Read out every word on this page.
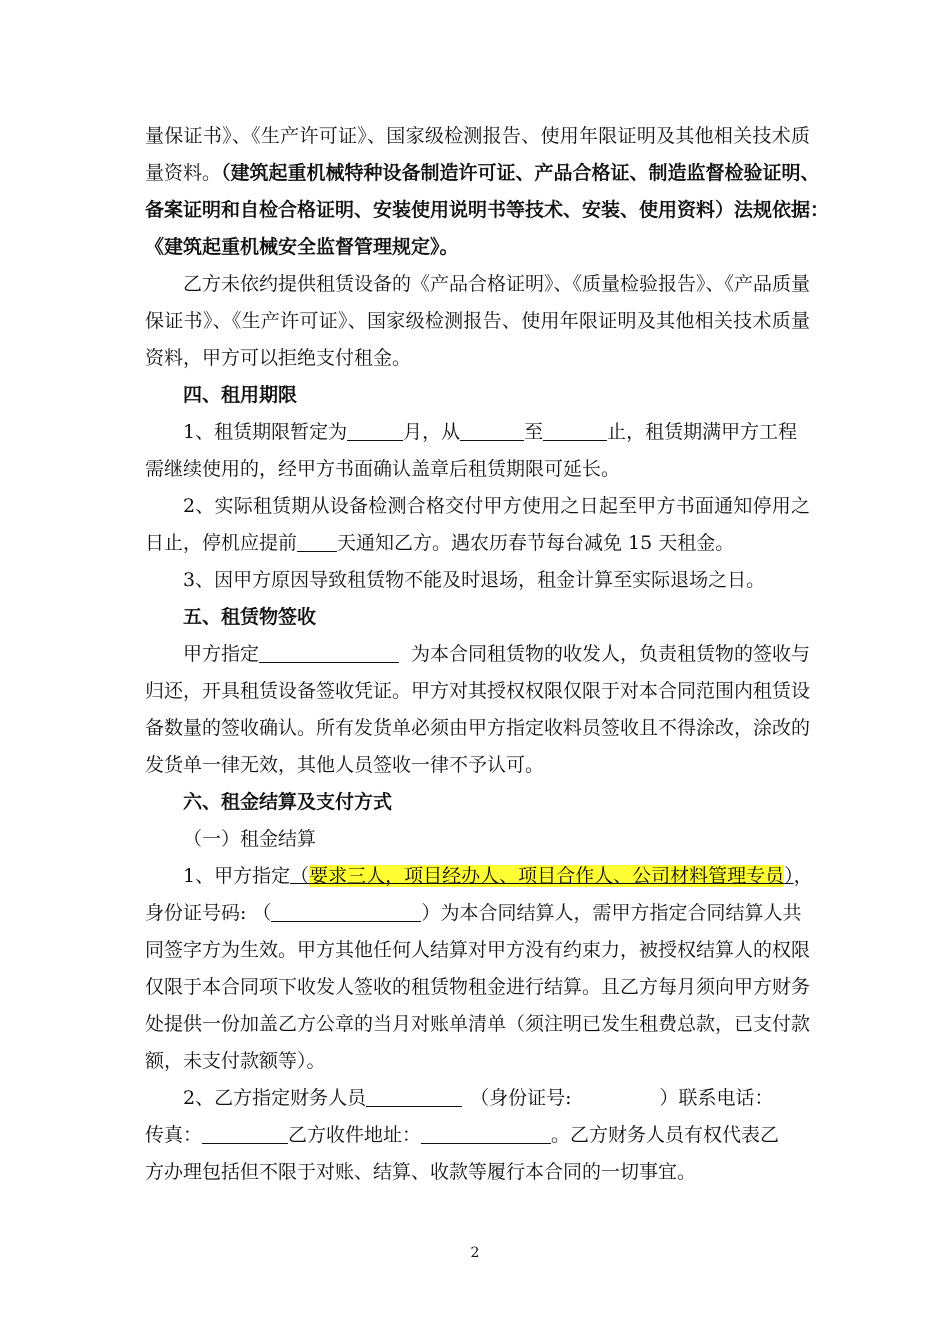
量保证书》、《生产许可证》、国家级检测报告、使用年限证明及其他相关技术质
量资料。（建筑起重机械特种设备制造许可证、产品合格证、制造监督检验证明、
备案证明和自检合格证明、安装使用说明书等技术、安装、使用资料）法规依据：
《建筑起重机械安全监督管理规定》。
乙方未依约提供租赁设备的《产品合格证明》、《质量检验报告》、《产品质量
保证书》、《生产许可证》、国家级检测报告、使用年限证明及其他相关技术质量
资料，甲方可以拒绝支付租金。
四、租用期限
1、租赁期限暂定为	月，从	至	止，租赁期满甲方工程
需继续使用的，经甲方书面确认盖章后租赁期限可延长。
2、实际租赁期从设备检测合格交付甲方使用之日起至甲方书面通知停用之
日止，停机应提前 天通知乙方。遇农历春节每台减免 15 天租金。
3、因甲方原因导致租赁物不能及时退场，租金计算至实际退场之日。
五、租赁物签收
甲方指定	为本合同租赁物的收发人，负责租赁物的签收与
归还，开具租赁设备签收凭证。甲方对其授权权限仅限于对本合同范围内租赁设
备数量的签收确认。所有发货单必须由甲方指定收料员签收且不得涂改，涂改的
发货单一律无效，其他人员签收一律不予认可。
六、租金结算及支付方式
（一）租金结算
1、甲方指定（要求三人，项目经办人、项目合作人、公司材料管理专员），
身份证号码: （	）为本合同结算人，需甲方指定合同结算人共
同签字方为生效。甲方其他任何人结算对甲方没有约束力，被授权结算人的权限
仅限于本合同项下收发人签收的租赁物租金进行结算。且乙方每月须向甲方财务
处提供一份加盖乙方公章的当月对账单清单（须注明已发生租费总款，已支付款
额，未支付款额等）。
2、乙方指定财务人员	（身份证号:	）联系电话：
传真：	乙方收件地址：	。乙方财务人员有权代表乙
方办理包括但不限于对账、结算、收款等履行本合同的一切事宜。
2
